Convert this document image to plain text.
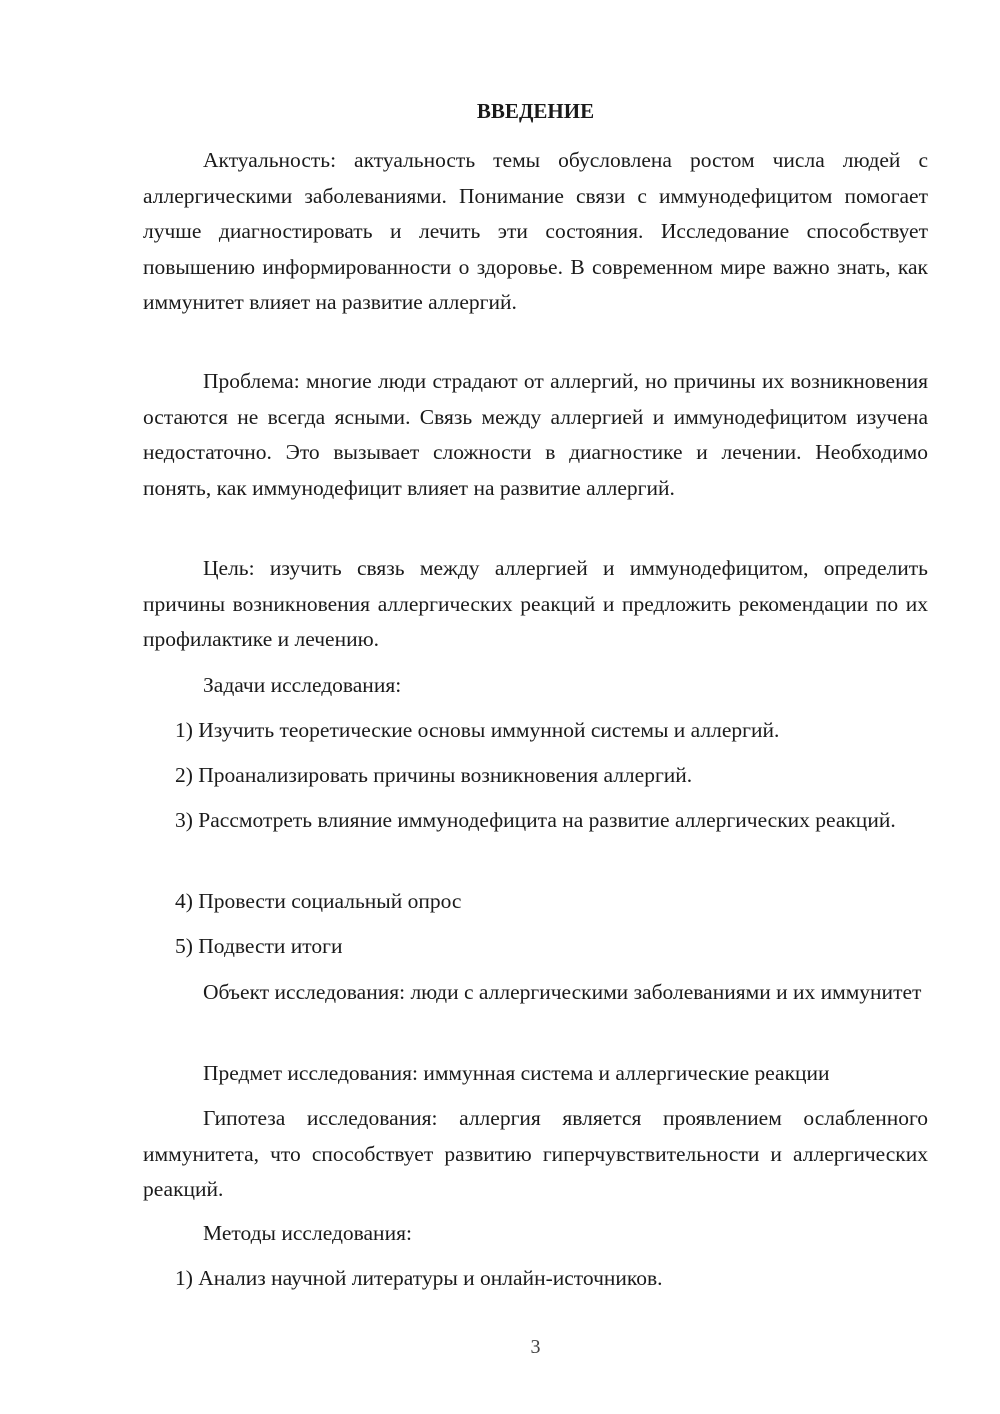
ВВЕДЕНИЕ

Актуальность: актуальность темы обусловлена ростом числа людей с аллергическими заболеваниями. Понимание связи с иммунодефицитом помогает лучше диагностировать и лечить эти состояния. Исследование способствует повышению информированности о здоровье. В современном мире важно знать, как иммунитет влияет на развитие аллергий.

Проблема: многие люди страдают от аллергий, но причины их возникновения остаются не всегда ясными. Связь между аллергией и иммунодефицитом изучена недостаточно. Это вызывает сложности в диагностике и лечении. Необходимо понять, как иммунодефицит влияет на развитие аллергий.

Цель: изучить связь между аллергией и иммунодефицитом, определить причины возникновения аллергических реакций и предложить рекомендации по их профилактике и лечению.

Задачи исследования:

1) Изучить теоретические основы иммунной системы и аллергий.

2) Проанализировать причины возникновения аллергий.

3) Рассмотреть влияние иммунодефицита на развитие аллергических реакций.

4) Провести социальный опрос

5) Подвести итоги

Объект исследования: люди с аллергическими заболеваниями и их иммунитет

Предмет исследования: иммунная система и аллергические реакции

Гипотеза исследования: аллергия является проявлением ослабленного иммунитета, что способствует развитию гиперчувствительности и аллергических реакций.

Методы исследования:

1) Анализ научной литературы и онлайн-источников.

3
